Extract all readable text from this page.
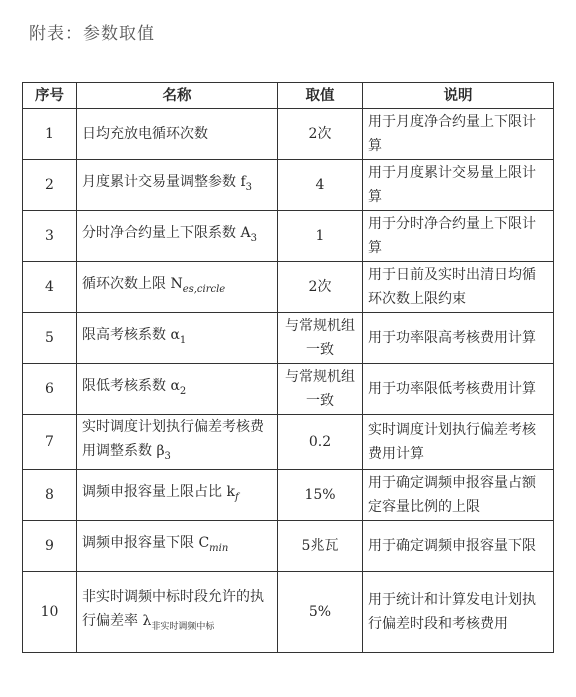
附表：参数取值
序号	名称	取值	说明
1	日均充放电循环次数	2次	用于月度净合约量上下限计算
2	月度累计交易量调整参数 $f_3$	4	用于月度累计交易量上限计算
3	分时净合约量上下限系数 $A_3$	1	用于分时净合约量上下限计算
4	循环次数上限 $N_{es,circle}$	2次	用于日前及实时出清日均循环次数上限约束
5	限高考核系数 $\alpha_1$	与常规机组一致	用于功率限高考核费用计算
6	限低考核系数 $\alpha_2$	与常规机组一致	用于功率限低考核费用计算
7	实时调度计划执行偏差考核费用调整系数 $\beta_3$	0.2	实时调度计划执行偏差考核费用计算
8	调频申报容量上限占比 $k_f$	15%	用于确定调频申报容量占额定容量比例的上限
9	调频申报容量下限 $C_{min}$	5兆瓦	用于确定调频申报容量下限
10	非实时调频中标时段允许的执行偏差率 $\lambda_{非实时调频中标}$	5%	用于统计和计算发电计划执行偏差时段和考核费用
